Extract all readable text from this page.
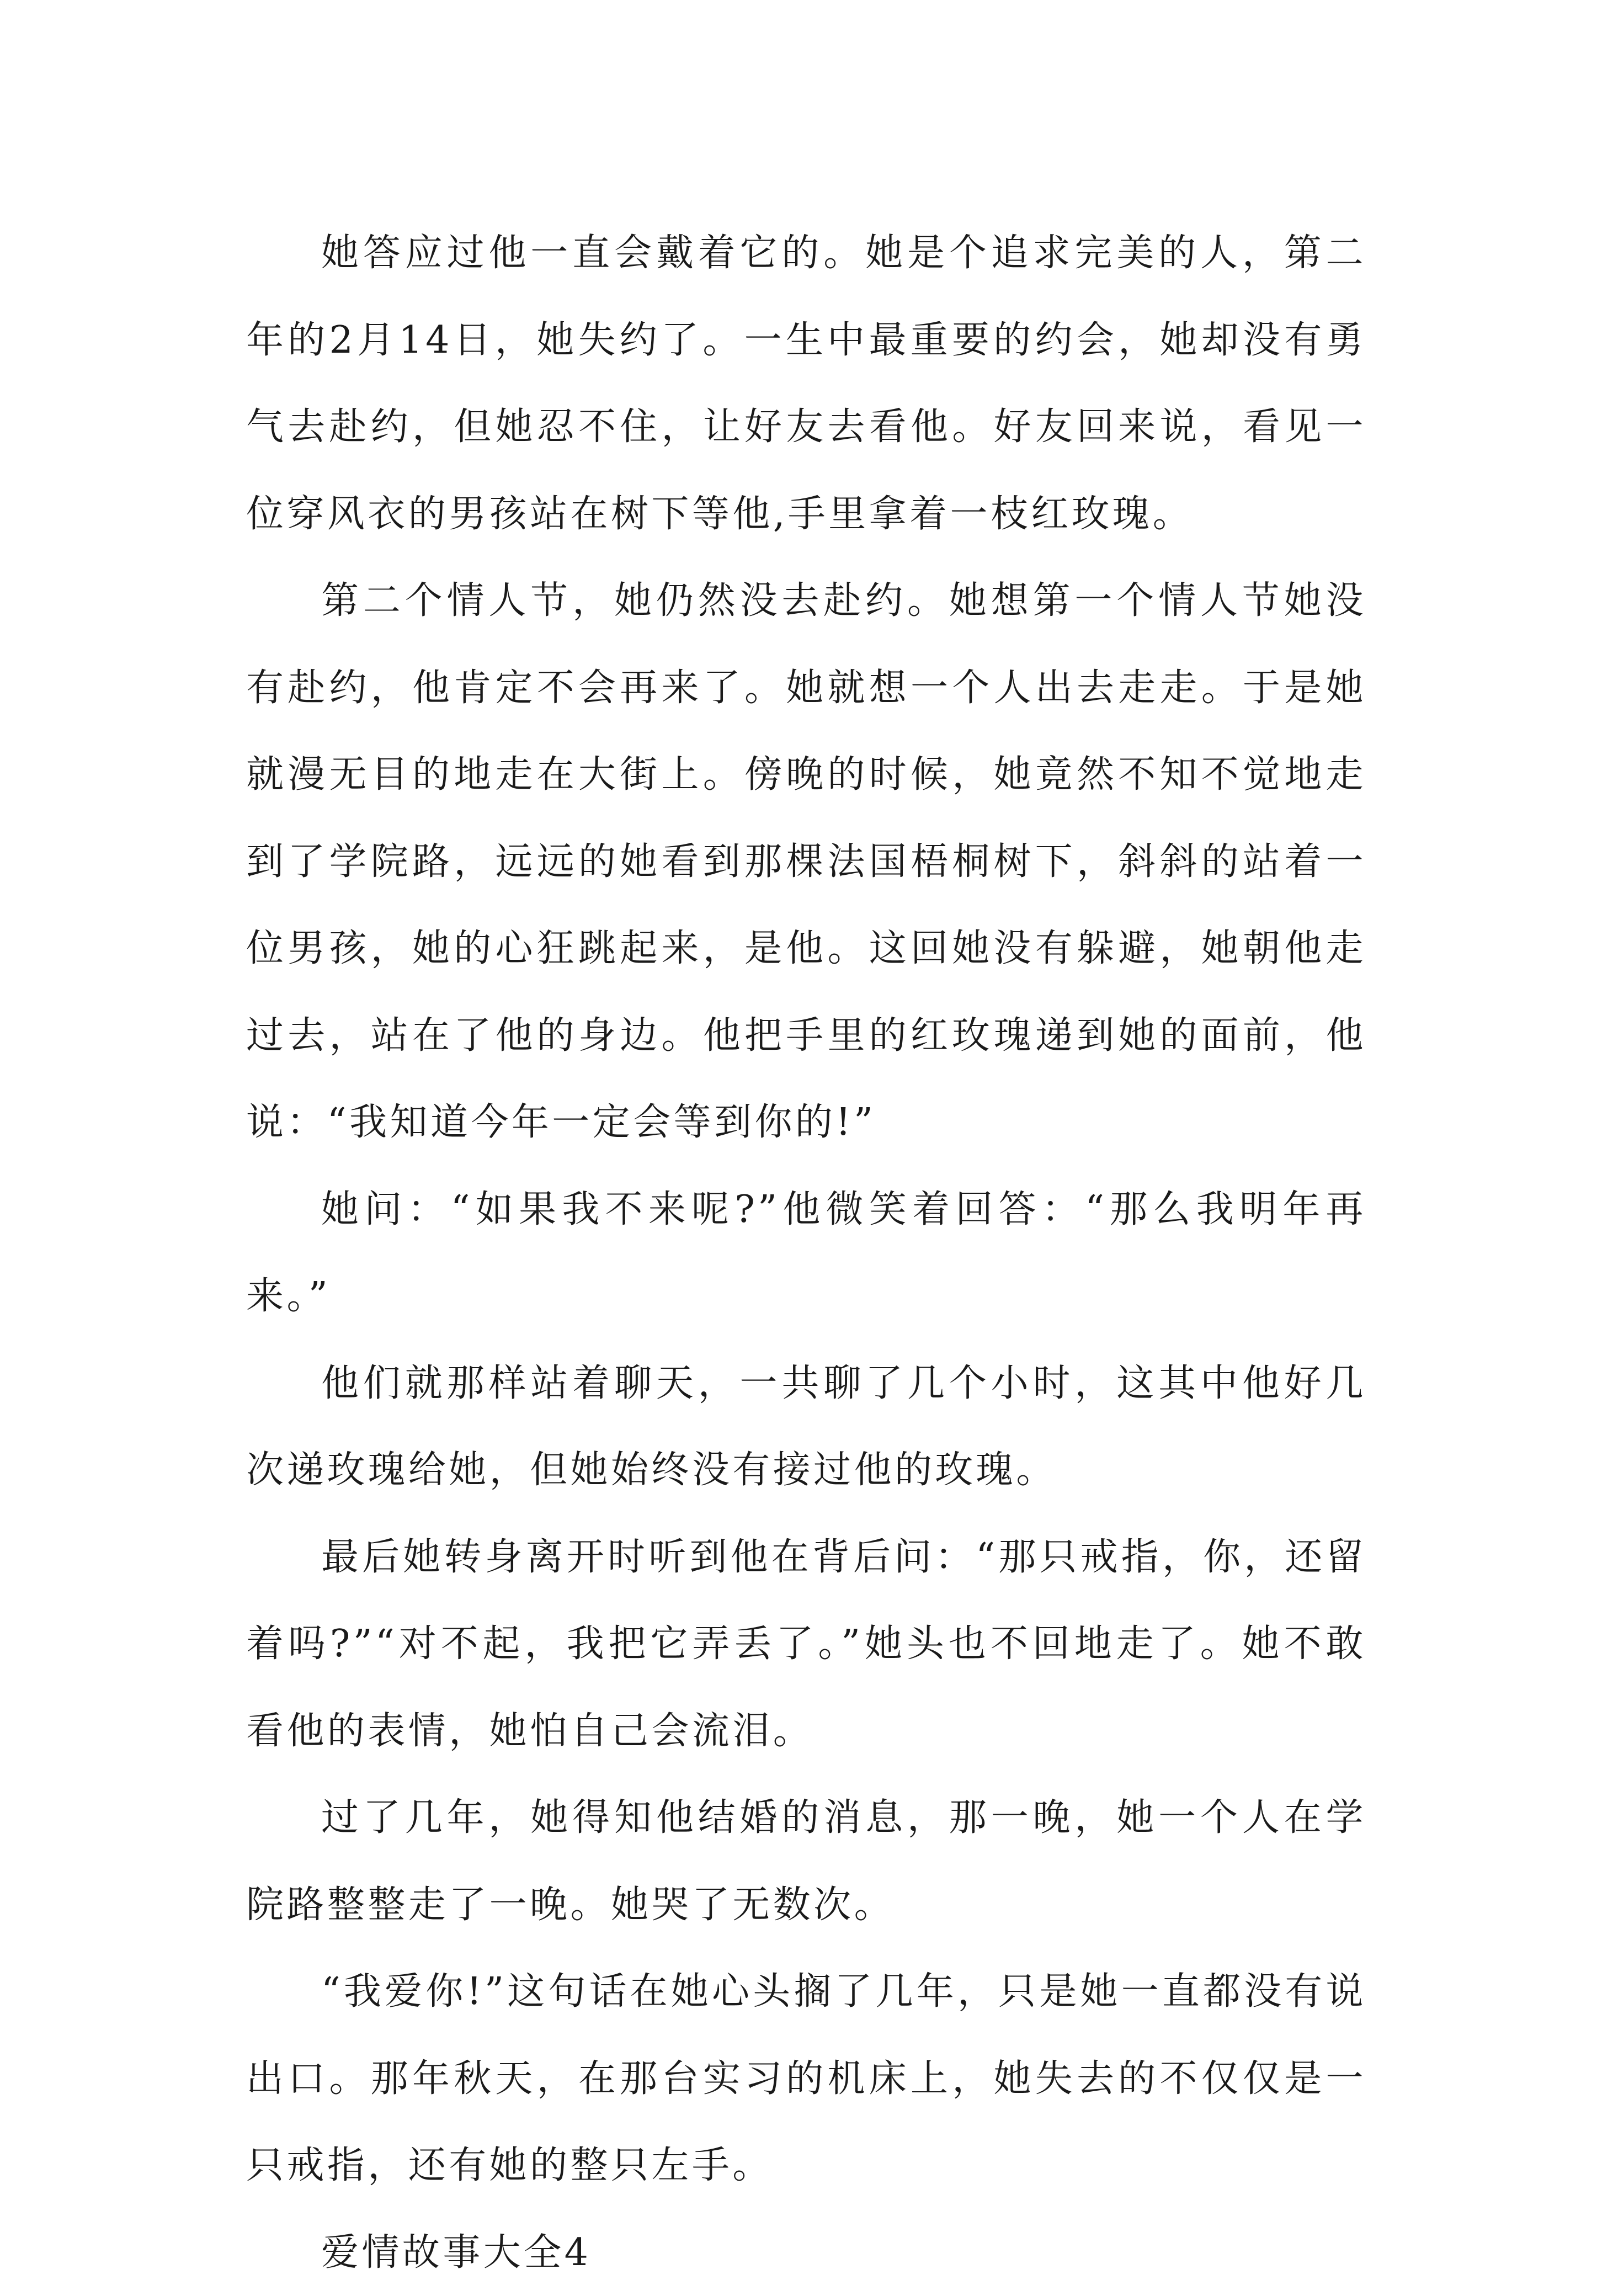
她答应过他一直会戴着它的。她是个追求完美的人，第二年的2月14日，她失约了。一生中最重要的约会，她却没有勇气去赴约，但她忍不住，让好友去看他。好友回来说，看见一位穿风衣的男孩站在树下等他,手里拿着一枝红玫瑰。

第二个情人节，她仍然没去赴约。她想第一个情人节她没有赴约，他肯定不会再来了。她就想一个人出去走走。于是她就漫无目的地走在大街上。傍晚的时候，她竟然不知不觉地走到了学院路，远远的她看到那棵法国梧桐树下，斜斜的站着一位男孩，她的心狂跳起来，是他。这回她没有躲避，她朝他走过去，站在了他的身边。他把手里的红玫瑰递到她的面前，他说：“我知道今年一定会等到你的!”

她问：“如果我不来呢?”他微笑着回答：“那么我明年再来。”

他们就那样站着聊天，一共聊了几个小时，这其中他好几次递玫瑰给她，但她始终没有接过他的玫瑰。

最后她转身离开时听到他在背后问：“那只戒指，你，还留着吗?”“对不起，我把它弄丢了。”她头也不回地走了。她不敢看他的表情，她怕自己会流泪。

过了几年，她得知他结婚的消息，那一晚，她一个人在学院路整整走了一晚。她哭了无数次。

“我爱你!”这句话在她心头搁了几年，只是她一直都没有说出口。那年秋天，在那台实习的机床上，她失去的不仅仅是一只戒指，还有她的整只左手。

爱情故事大全4
